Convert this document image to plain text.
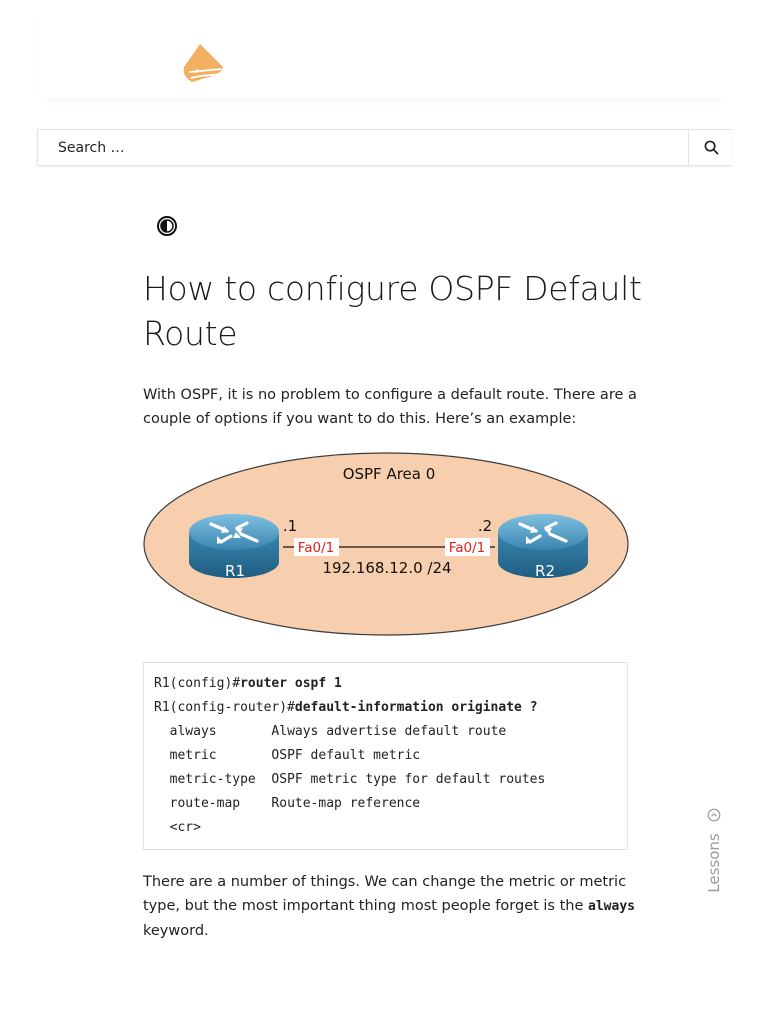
Search …
How to configure OSPF Default Route

With OSPF, it is no problem to configure a default route. There are a couple of options if you want to do this. Here’s an example:

OSPF Area 0
R1	R2
.1	.2
Fa0/1	Fa0/1
192.168.12.0 /24
R1(config)#router ospf 1
R1(config-router)#default-information originate ?
always	Always advertise default route
metric	OSPF default metric
metric-type OSPF metric type for default routes
route-map Route-map reference
<cr>

There are a number of things. We can change the metric or metric type, but the most important thing most people forget is the always keyword.

Lessons
